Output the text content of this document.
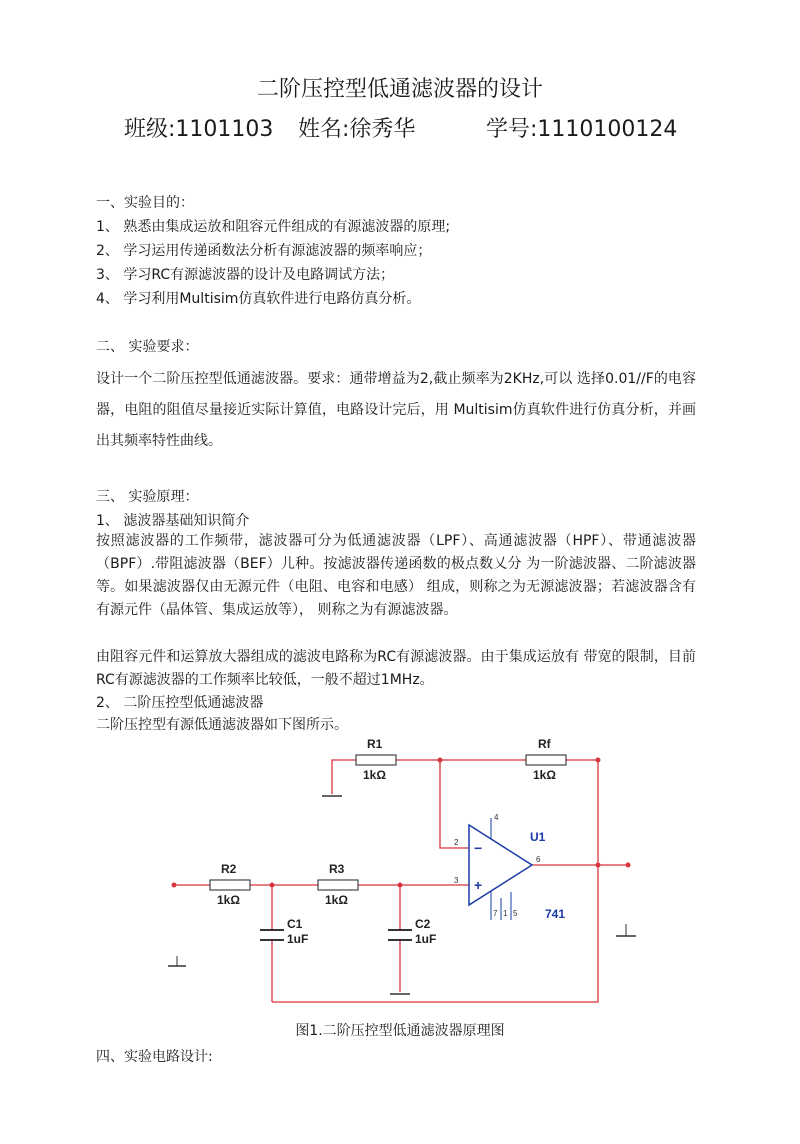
二阶压控型低通滤波器的设计
班级:1101103 姓名:徐秀华	学号:1110100124
一、实验目的：
1、 熟悉由集成运放和阻容元件组成的有源滤波器的原理;
2、 学习运用传递函数法分析有源滤波器的频率响应；
3、 学习RC有源滤波器的设计及电路调试方法；
4、 学习利用Multisim仿真软件进行电路仿真分析。
二、 实验要求：
设计一个二阶压控型低通滤波器。要求：通带增益为2,截止频率为2KHz,可以 选择0.01//F的电容器，电阻的阻值尽量接近实际计算值，电路设计完后，用 Multisim仿真软件进行仿真分析，并画出其频率特性曲线。
三、 实验原理：
1、 滤波器基础知识简介
按照滤波器的工作频带，滤波器可分为低通滤波器（LPF）、高通滤波器（HPF）、带通滤波器（BPF）.带阻滤波器（BEF）儿种。按滤波器传递函数的极点数乂分 为一阶滤波器、二阶滤波器等。如果滤波器仅由无源元件（电阻、电容和电感） 组成，则称之为无源滤波器；若滤波器含有有源元件（晶体管、集成运放等）， 则称之为有源滤波器。
由阻容元件和运算放大器组成的滤波电路称为RC有源滤波器。由于集成运放有 带宽的限制，目前RC有源滤波器的工作频率比较低，一般不超过1MHz。
2、 二阶压控型低通滤波器
二阶压控型有源低通滤波器如下图所示。
R1
1kΩ
Rf
1kΩ
R2
1kΩ
R3
1kΩ
C1
1uF
C2
1uF
U1
741
−
+
4
2
3
6
7 1 5
图1.二阶压控型低通滤波器原理图
四、实验电路设计:
